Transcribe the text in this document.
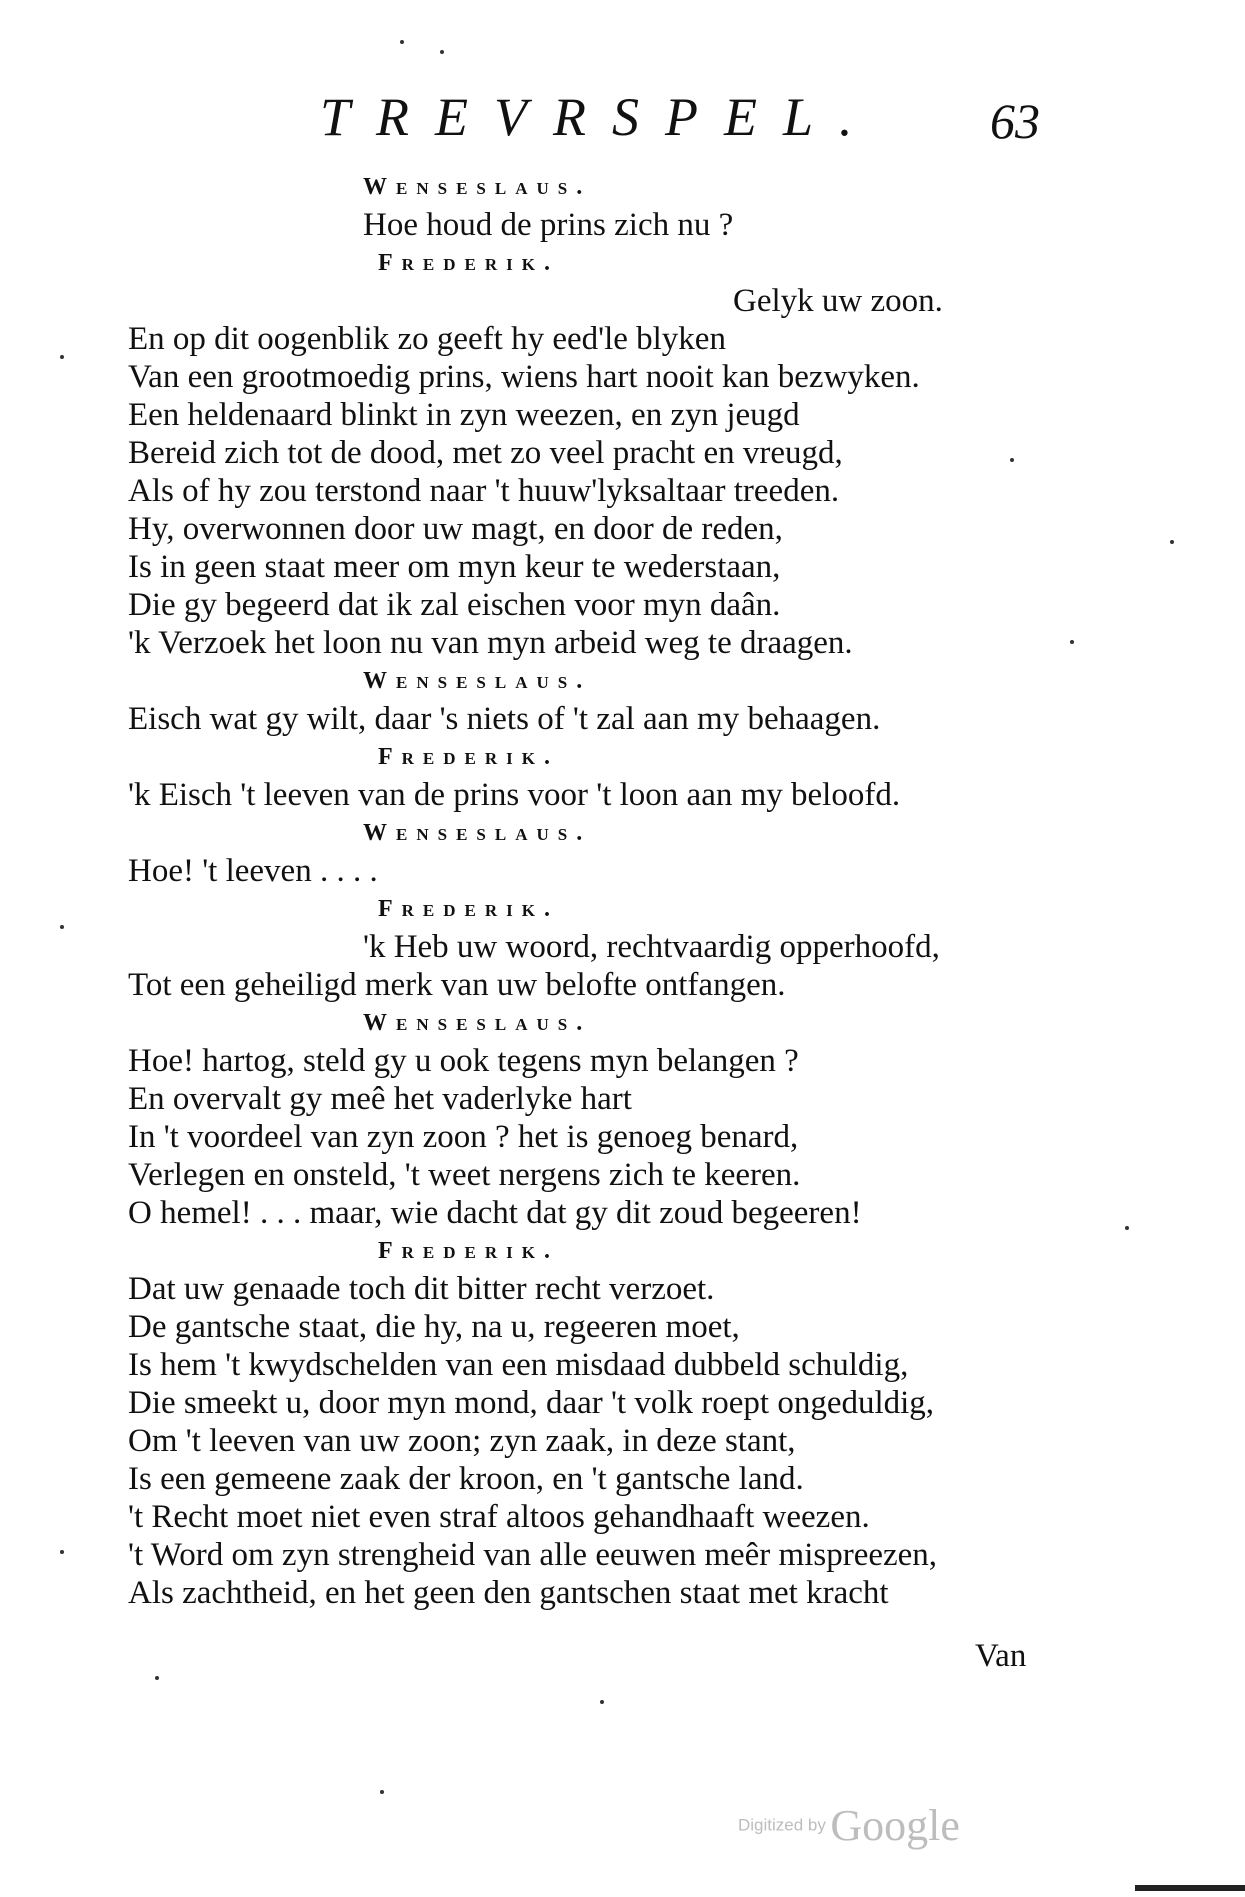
TREVRSPEL. 63
Wenseslaus.
Hoe houd de prins zich nu ?
Frederik.
Gelyk uw zoon.
En op dit oogenblik zo geeft hy eed'le blyken
Van een grootmoedig prins, wiens hart nooit kan bezwyken.
Een heldenaard blinkt in zyn weezen, en zyn jeugd
Bereid zich tot de dood, met zo veel pracht en vreugd,
Als of hy zou terstond naar 't huuw'lyksaltaar treeden.
Hy, overwonnen door uw magt, en door de reden,
Is in geen staat meer om myn keur te wederstaan,
Die gy begeerd dat ik zal eischen voor myn daân.
'k Verzoek het loon nu van myn arbeid weg te draagen.
Wenseslaus.
Eisch wat gy wilt, daar 's niets of 't zal aan my behaagen.
Frederik.
'k Eisch 't leeven van de prins voor 't loon aan my beloofd.
Wenseslaus.
Hoe! 't leeven . . . .
Frederik.
'k Heb uw woord, rechtvaardig opperhoofd,
Tot een geheiligd merk van uw belofte ontfangen.
Wenseslaus.
Hoe! hartog, steld gy u ook tegens myn belangen ?
En overvalt gy meê het vaderlyke hart
In 't voordeel van zyn zoon ? het is genoeg benard,
Verlegen en onsteld, 't weet nergens zich te keeren.
O hemel! . . . maar, wie dacht dat gy dit zoud begeeren!
Frederik.
Dat uw genaade toch dit bitter recht verzoet.
De gantsche staat, die hy, na u, regeeren moet,
Is hem 't kwydschelden van een misdaad dubbeld schuldig,
Die smeekt u, door myn mond, daar 't volk roept ongeduldig,
Om 't leeven van uw zoon; zyn zaak, in deze stant,
Is een gemeene zaak der kroon, en 't gantsche land.
't Recht moet niet even straf altoos gehandhaaft weezen.
't Word om zyn strengheid van alle eeuwen meêr mispreezen,
Als zachtheid, en het geen den gantschen staat met kracht
Van
Digitized by Google
